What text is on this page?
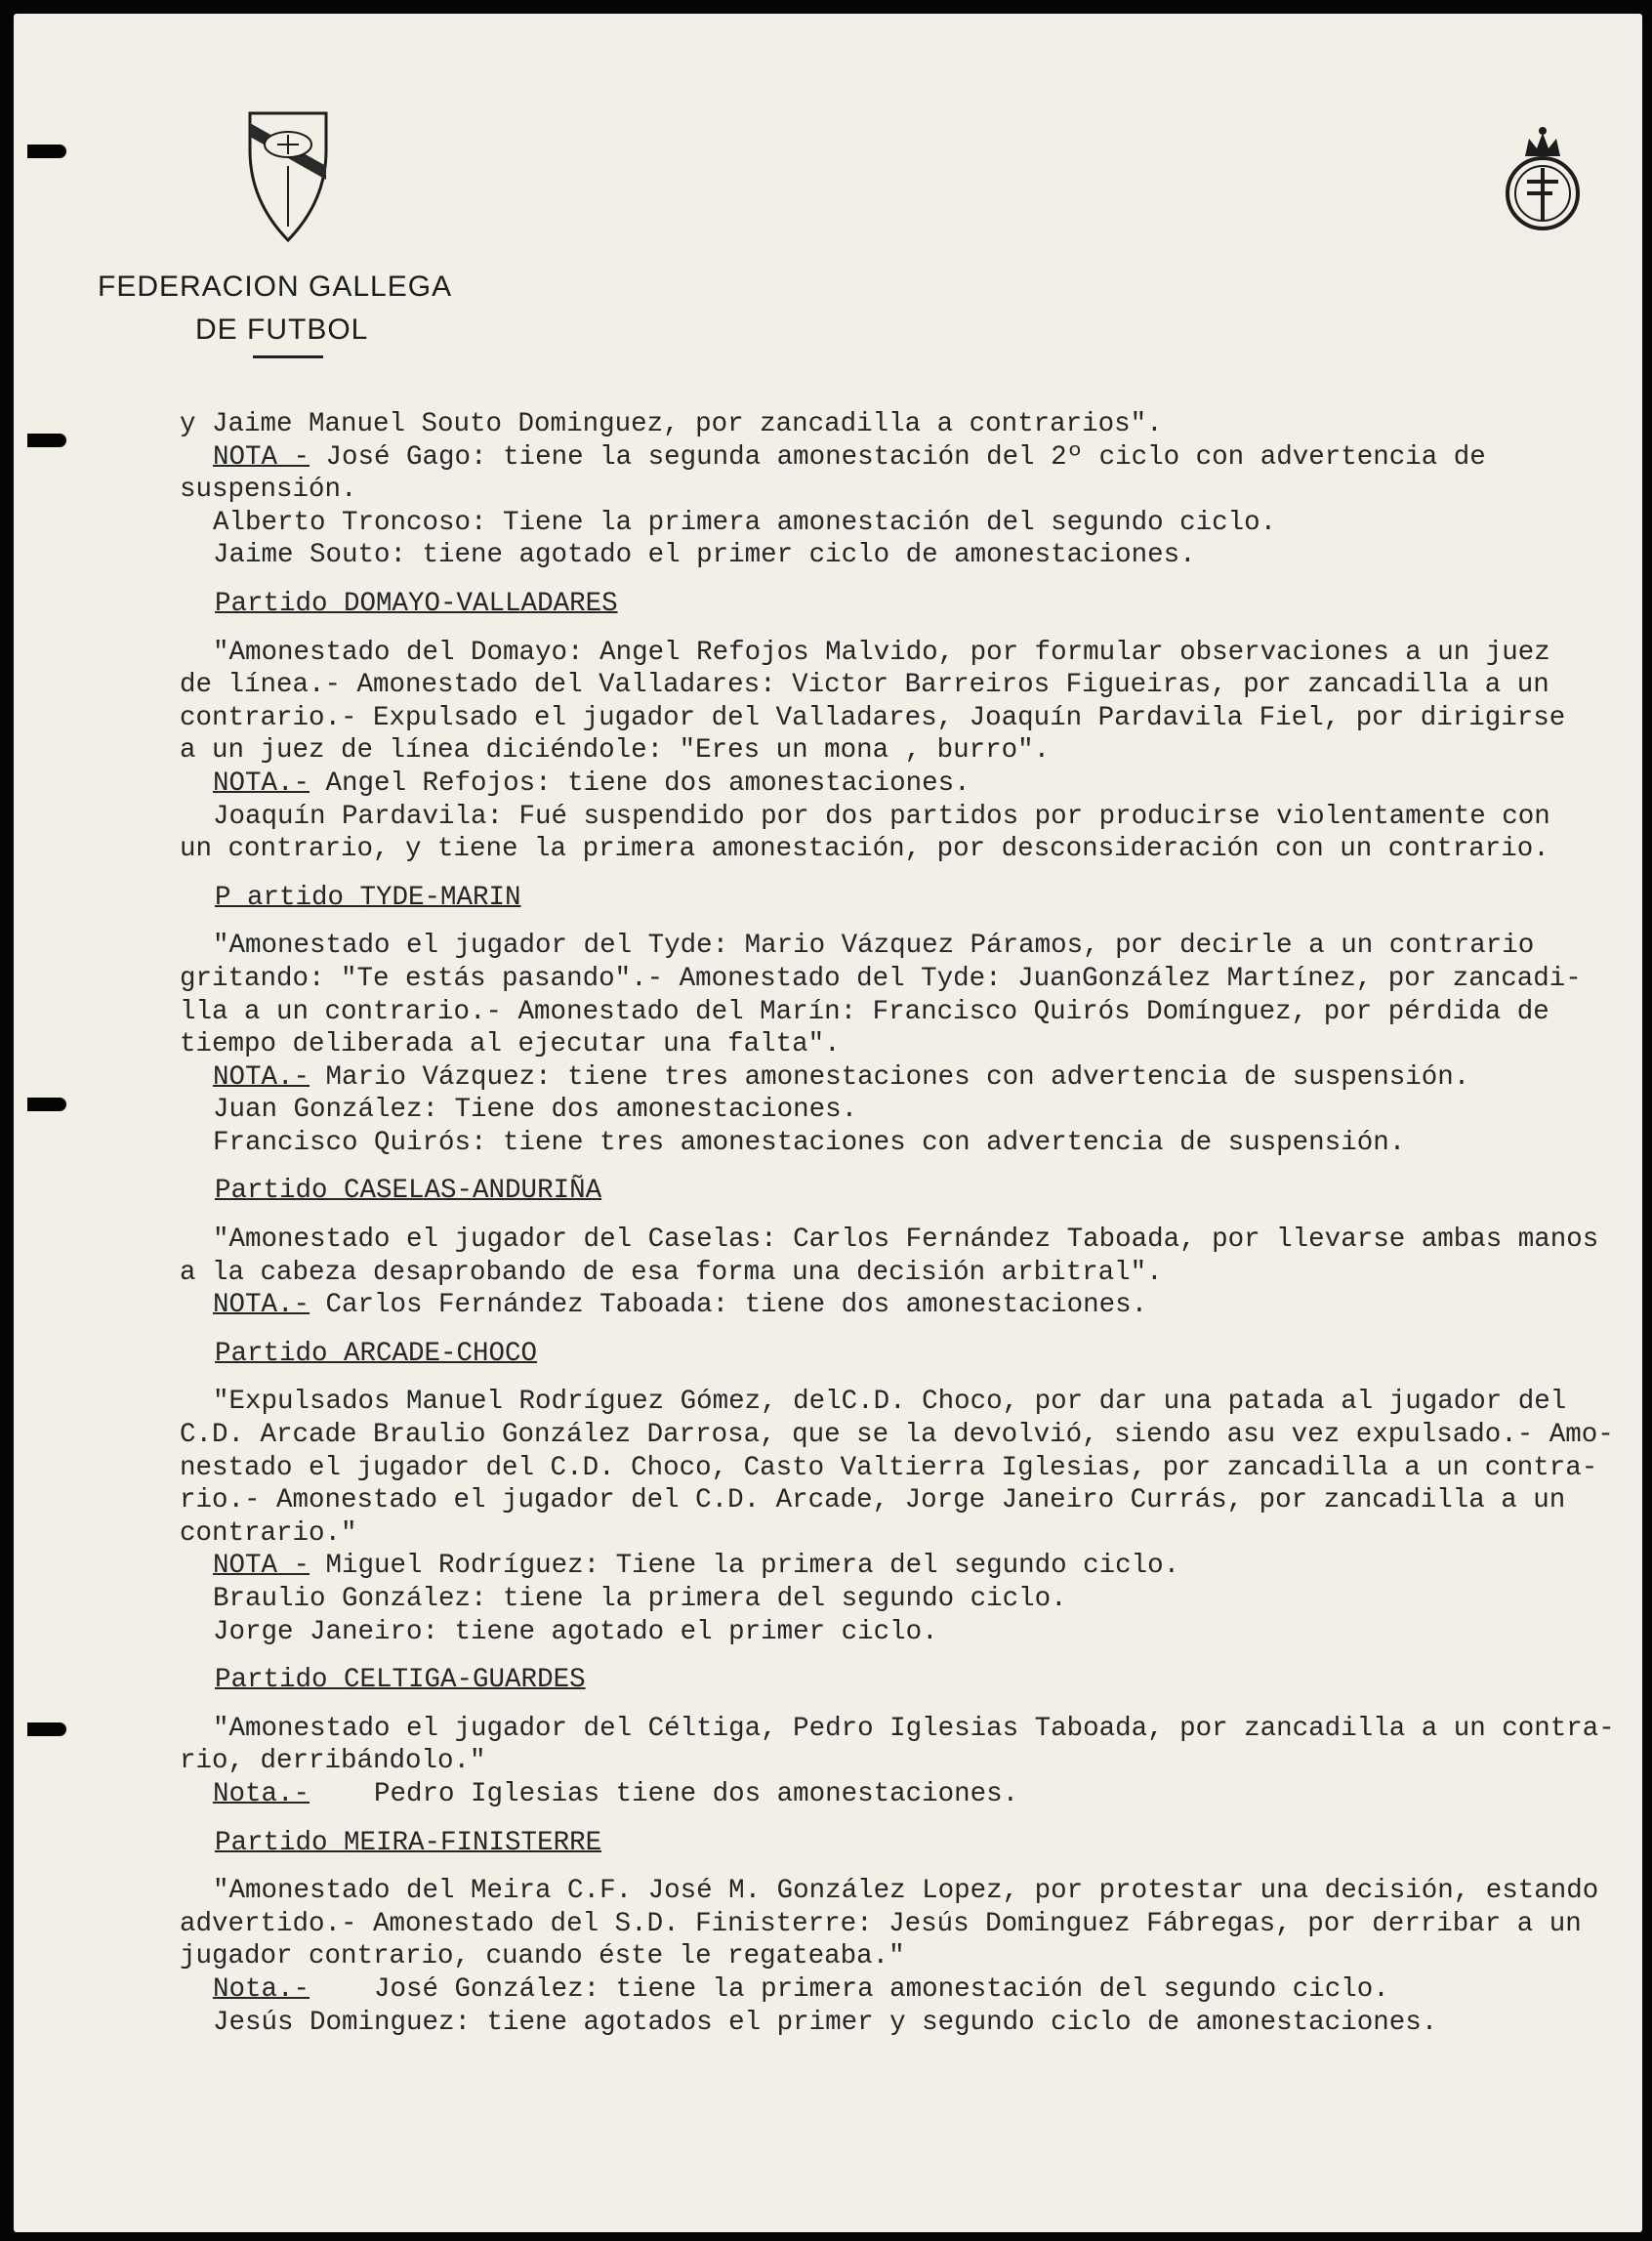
FEDERACION GALLEGA
DE FUTBOL
y Jaime Manuel Souto Dominguez, por zancadilla a contrarios".
NOTA - José Gago: tiene la segunda amonestación del 2º ciclo con advertencia de
suspensión.
Alberto Troncoso: Tiene la primera amonestación del segundo ciclo.
Jaime Souto: tiene agotado el primer ciclo de amonestaciones.
Partido DOMAYO-VALLADARES
"Amonestado del Domayo: Angel Refojos Malvido, por formular observaciones a un juez
de línea.- Amonestado del Valladares: Victor Barreiros Figueiras, por zancadilla a un
contrario.- Expulsado el jugador del Valladares, Joaquín Pardavila Fiel, por dirigirse
a un juez de línea diciéndole: "Eres un mona , burro".
NOTA.- Angel Refojos: tiene dos amonestaciones.
Joaquín Pardavila: Fué suspendido por dos partidos por producirse violentamente con
un contrario, y tiene la primera amonestación, por desconsideración con un contrario.
P artido TYDE-MARIN
"Amonestado el jugador del Tyde: Mario Vázquez Páramos, por decirle a un contrario
gritando: "Te estás pasando".- Amonestado del Tyde: JuanGonzález Martínez, por zancadi-
lla a un contrario.- Amonestado del Marín: Francisco Quirós Domínguez, por pérdida de
tiempo deliberada al ejecutar una falta".
NOTA.- Mario Vázquez: tiene tres amonestaciones con advertencia de suspensión.
Juan González: Tiene dos amonestaciones.
Francisco Quirós: tiene tres amonestaciones con advertencia de suspensión.
Partido CASELAS-ANDURIÑA
"Amonestado el jugador del Caselas: Carlos Fernández Taboada, por llevarse ambas manos
a la cabeza desaprobando de esa forma una decisión arbitral".
NOTA.- Carlos Fernández Taboada: tiene dos amonestaciones.
Partido ARCADE-CHOCO
"Expulsados Manuel Rodríguez Gómez, delC.D. Choco, por dar una patada al jugador del
C.D. Arcade Braulio González Darrosa, que se la devolvió, siendo asu vez expulsado.- Amo-
nestado el jugador del C.D. Choco, Casto Valtierra Iglesias, por zancadilla a un contra-
rio.- Amonestado el jugador del C.D. Arcade, Jorge Janeiro Currás, por zancadilla a un
contrario."
NOTA - Miguel Rodríguez: Tiene la primera del segundo ciclo.
Braulio González: tiene la primera del segundo ciclo.
Jorge Janeiro: tiene agotado el primer ciclo.
Partido CELTIGA-GUARDES
"Amonestado el jugador del Céltiga, Pedro Iglesias Taboada, por zancadilla a un contra-
rio, derribándolo."
Nota.-    Pedro Iglesias tiene dos amonestaciones.
Partido MEIRA-FINISTERRE
"Amonestado del Meira C.F. José M. González Lopez, por protestar una decisión, estando
advertido.- Amonestado del S.D. Finisterre: Jesús Dominguez Fábregas, por derribar a un
jugador contrario, cuando éste le regateaba."
Nota.-    José González: tiene la primera amonestación del segundo ciclo.
Jesús Dominguez: tiene agotados el primer y segundo ciclo de amonestaciones.
